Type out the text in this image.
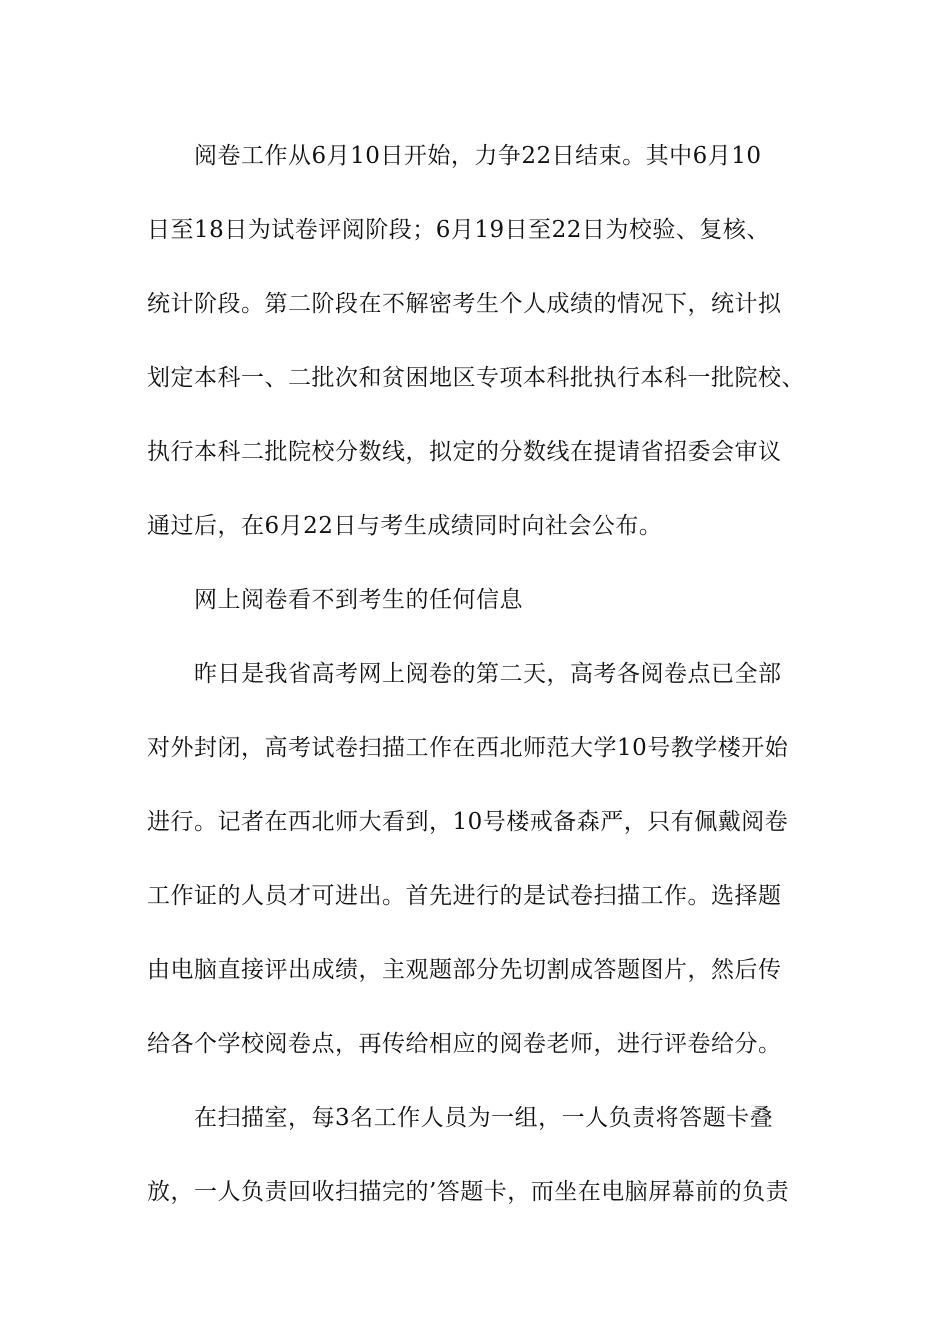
阅卷工作从6月10日开始，力争22日结束。其中6月10
日至18日为试卷评阅阶段；6月19日至22日为校验、复核、
统计阶段。第二阶段在不解密考生个人成绩的情况下，统计拟
划定本科一、二批次和贫困地区专项本科批执行本科一批院校、
执行本科二批院校分数线，拟定的分数线在提请省招委会审议
通过后，在6月22日与考生成绩同时向社会公布。
网上阅卷看不到考生的任何信息
昨日是我省高考网上阅卷的第二天，高考各阅卷点已全部
对外封闭，高考试卷扫描工作在西北师范大学10号教学楼开始
进行。记者在西北师大看到，10号楼戒备森严，只有佩戴阅卷
工作证的人员才可进出。首先进行的是试卷扫描工作。选择题
由电脑直接评出成绩，主观题部分先切割成答题图片，然后传
给各个学校阅卷点，再传给相应的阅卷老师，进行评卷给分。
在扫描室，每3名工作人员为一组，一人负责将答题卡叠
放，一人负责回收扫描完的’答题卡，而坐在电脑屏幕前的负责
